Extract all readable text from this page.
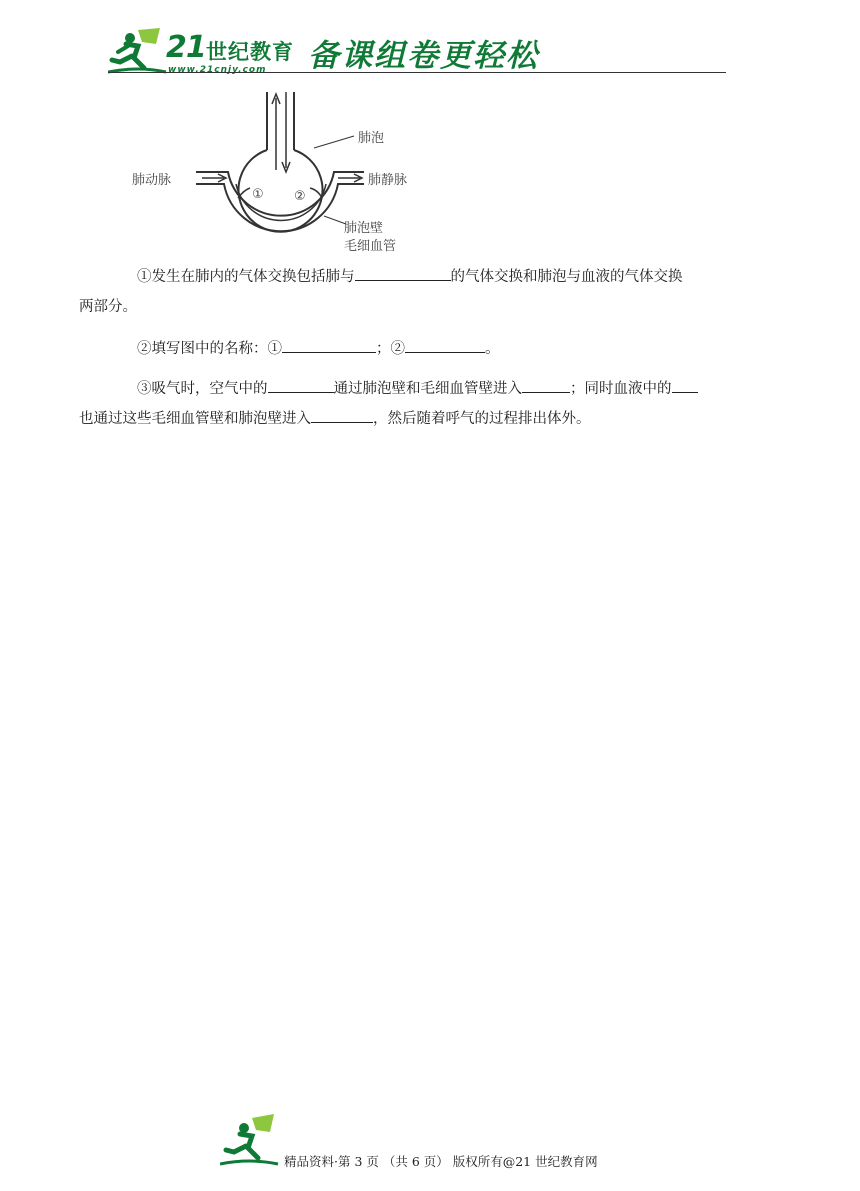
21 世纪教育
www.21cnjy.com 备课组卷更轻松
肺泡
肺动脉	肺静脉
肺泡壁
毛细血管
① ②

①发生在肺内的气体交换包括肺与	的气体交换和肺泡与血液的气体交换
两部分。

②填写图中的名称：①	；②	。

③吸气时，空气中的	通过肺泡壁和毛细血管壁进入	；同时血液中的
也通过这些毛细血管壁和肺泡壁进入	，然后随着呼气的过程排出体外。

精品资料·第 3 页 （共 6 页） 版权所有@21 世纪教育网
